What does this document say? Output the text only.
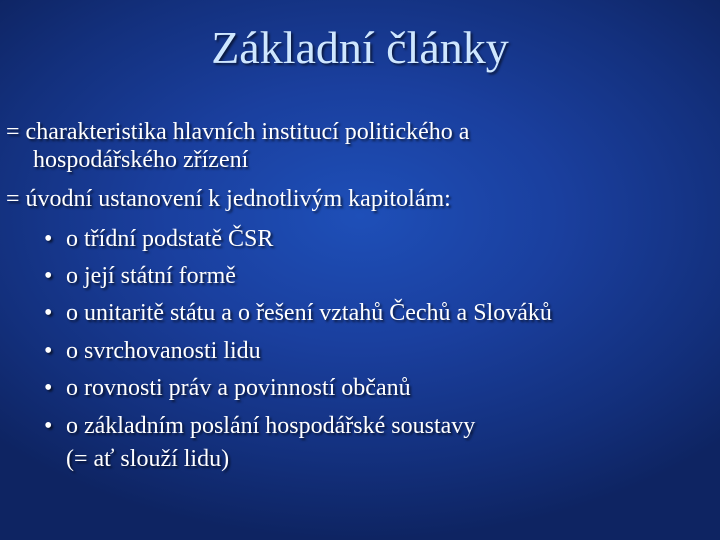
Základní články
= charakteristika hlavních institucí politického a
hospodářského zřízení
= úvodní ustanovení k jednotlivým kapitolám:
• o třídní podstatě ČSR
• o její státní formě
• o unitaritě státu a o řešení vztahů Čechů a Slováků
• o svrchovanosti lidu
• o rovnosti práv a povinností občanů
• o základním poslání hospodářské soustavy
(= ať slouží lidu)
